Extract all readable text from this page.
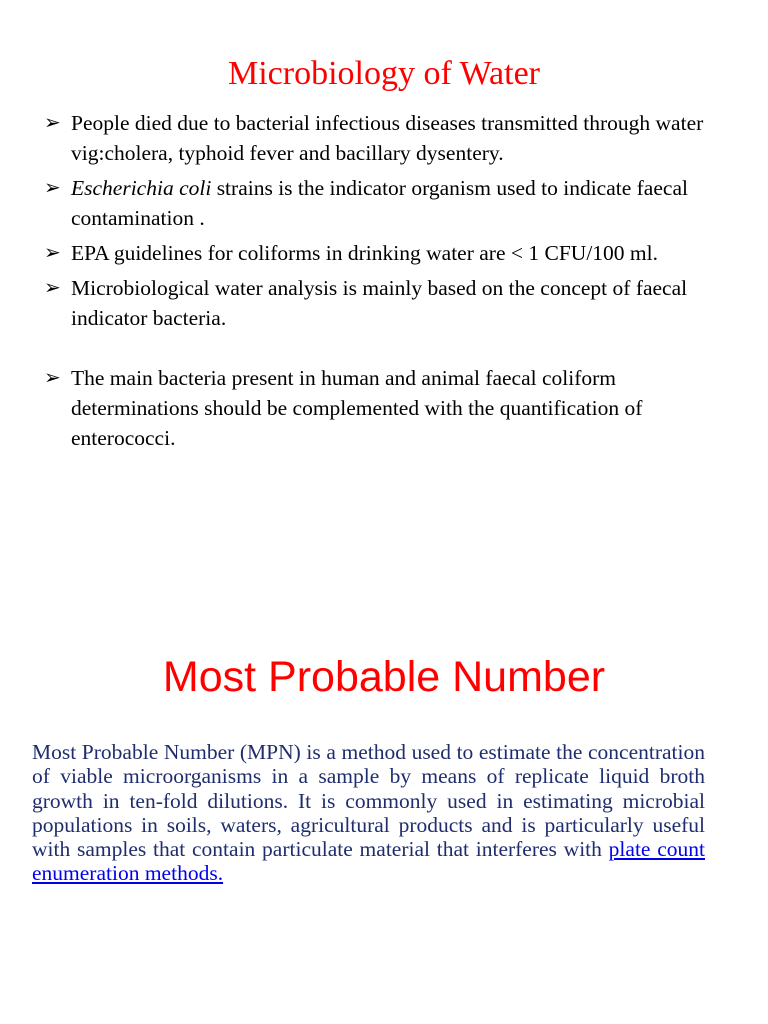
Microbiology of Water
➢ People died due to bacterial infectious diseases transmitted through water vig:cholera, typhoid fever and bacillary dysentery.
➢ Escherichia coli strains is the indicator organism used to indicate faecal contamination .
➢ EPA guidelines for coliforms in drinking water are < 1 CFU/100 ml.
➢ Microbiological water analysis is mainly based on the concept of faecal indicator bacteria.
➢ The main bacteria present in human and animal faecal coliform determinations should be complemented with the quantification of enterococci.
Most Probable Number

Most Probable Number (MPN) is a method used to estimate the concentration of viable microorganisms in a sample by means of replicate liquid broth growth in ten-fold dilutions. It is commonly used in estimating microbial populations in soils, waters, agricultural products and is particularly useful with samples that contain particulate material that interferes with plate count enumeration methods.
